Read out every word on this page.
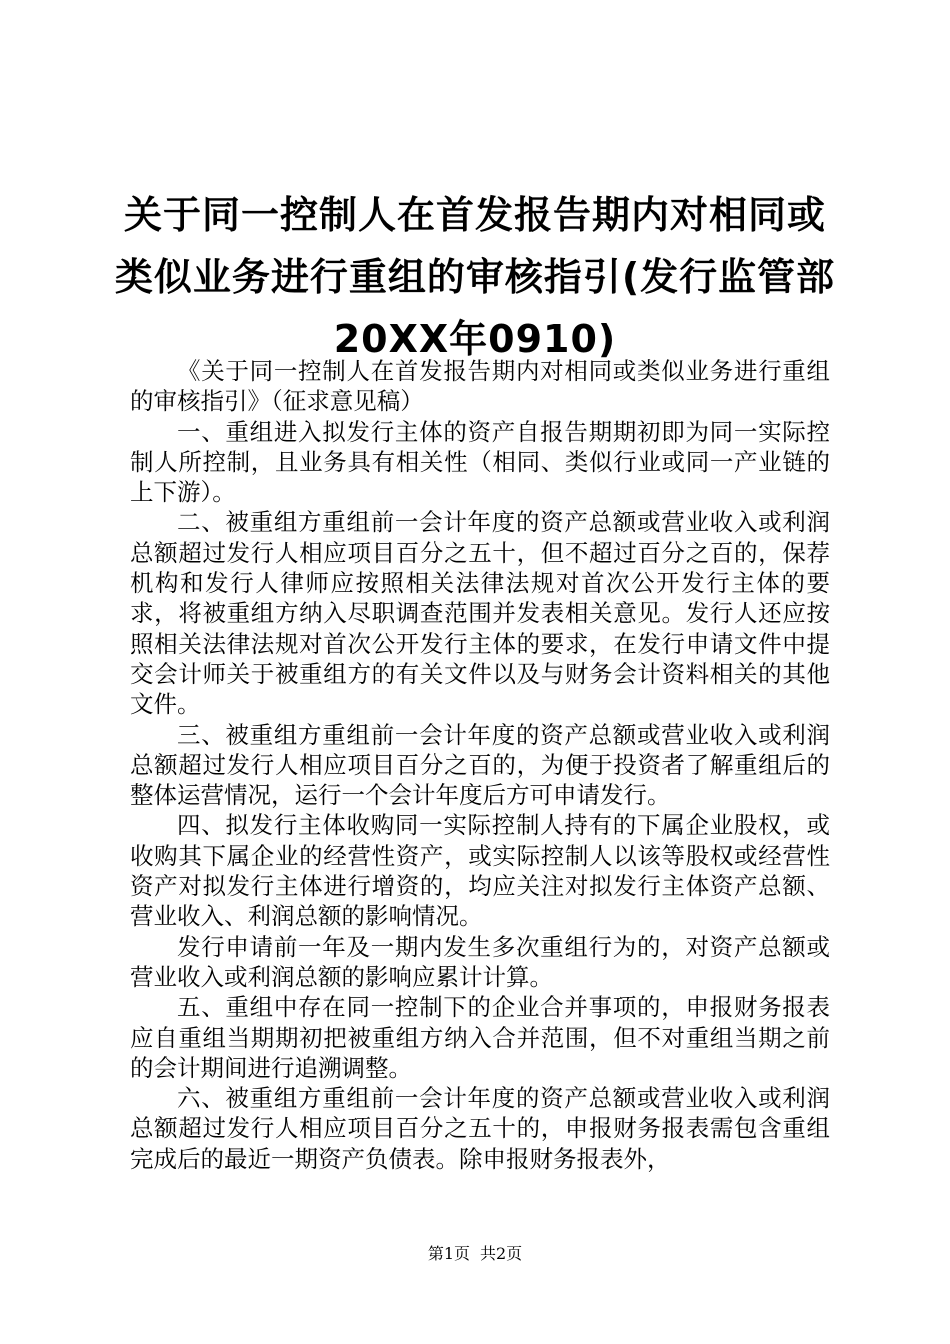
关于同一控制人在首发报告期内对相同或类似业务进行重组的审核指引(发行监管部20XX年0910)

《关于同一控制人在首发报告期内对相同或类似业务进行重组的审核指引》（征求意见稿）

一、重组进入拟发行主体的资产自报告期期初即为同一实际控制人所控制，且业务具有相关性（相同、类似行业或同一产业链的上下游）。

二、被重组方重组前一会计年度的资产总额或营业收入或利润总额超过发行人相应项目百分之五十，但不超过百分之百的，保荐机构和发行人律师应按照相关法律法规对首次公开发行主体的要求，将被重组方纳入尽职调查范围并发表相关意见。发行人还应按照相关法律法规对首次公开发行主体的要求，在发行申请文件中提交会计师关于被重组方的有关文件以及与财务会计资料相关的其他文件。

三、被重组方重组前一会计年度的资产总额或营业收入或利润总额超过发行人相应项目百分之百的，为便于投资者了解重组后的整体运营情况，运行一个会计年度后方可申请发行。

四、拟发行主体收购同一实际控制人持有的下属企业股权，或收购其下属企业的经营性资产，或实际控制人以该等股权或经营性资产对拟发行主体进行增资的，均应关注对拟发行主体资产总额、营业收入、利润总额的影响情况。

发行申请前一年及一期内发生多次重组行为的，对资产总额或营业收入或利润总额的影响应累计计算。

五、重组中存在同一控制下的企业合并事项的，申报财务报表应自重组当期期初把被重组方纳入合并范围，但不对重组当期之前的会计期间进行追溯调整。

六、被重组方重组前一会计年度的资产总额或营业收入或利润总额超过发行人相应项目百分之五十的，申报财务报表需包含重组完成后的最近一期资产负债表。除申报财务报表外，

第1页 共2页
